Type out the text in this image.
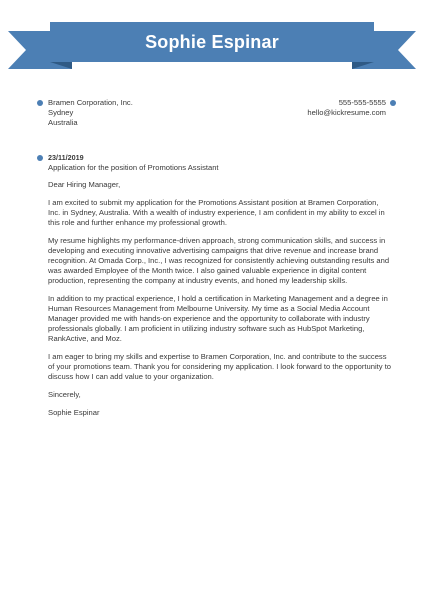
Sophie Espinar
Bramen Corporation, Inc.
Sydney
Australia
555-555-5555
hello@kickresume.com
23/11/2019
Application for the position of Promotions Assistant

Dear Hiring Manager,

I am excited to submit my application for the Promotions Assistant position at Bramen Corporation, Inc. in Sydney, Australia. With a wealth of industry experience, I am confident in my ability to excel in this role and further enhance my professional growth.

My resume highlights my performance-driven approach, strong communication skills, and success in developing and executing innovative advertising campaigns that drive revenue and increase brand recognition. At Omada Corp., Inc., I was recognized for consistently achieving outstanding results and was awarded Employee of the Month twice. I also gained valuable experience in digital content production, representing the company at industry events, and honed my leadership skills.

In addition to my practical experience, I hold a certification in Marketing Management and a degree in Human Resources Management from Melbourne University. My time as a Social Media Account Manager provided me with hands-on experience and the opportunity to collaborate with industry professionals globally. I am proficient in utilizing industry software such as HubSpot Marketing, RankActive, and Moz.

I am eager to bring my skills and expertise to Bramen Corporation, Inc. and contribute to the success of your promotions team. Thank you for considering my application. I look forward to the opportunity to discuss how I can add value to your organization.

Sincerely,

Sophie Espinar
